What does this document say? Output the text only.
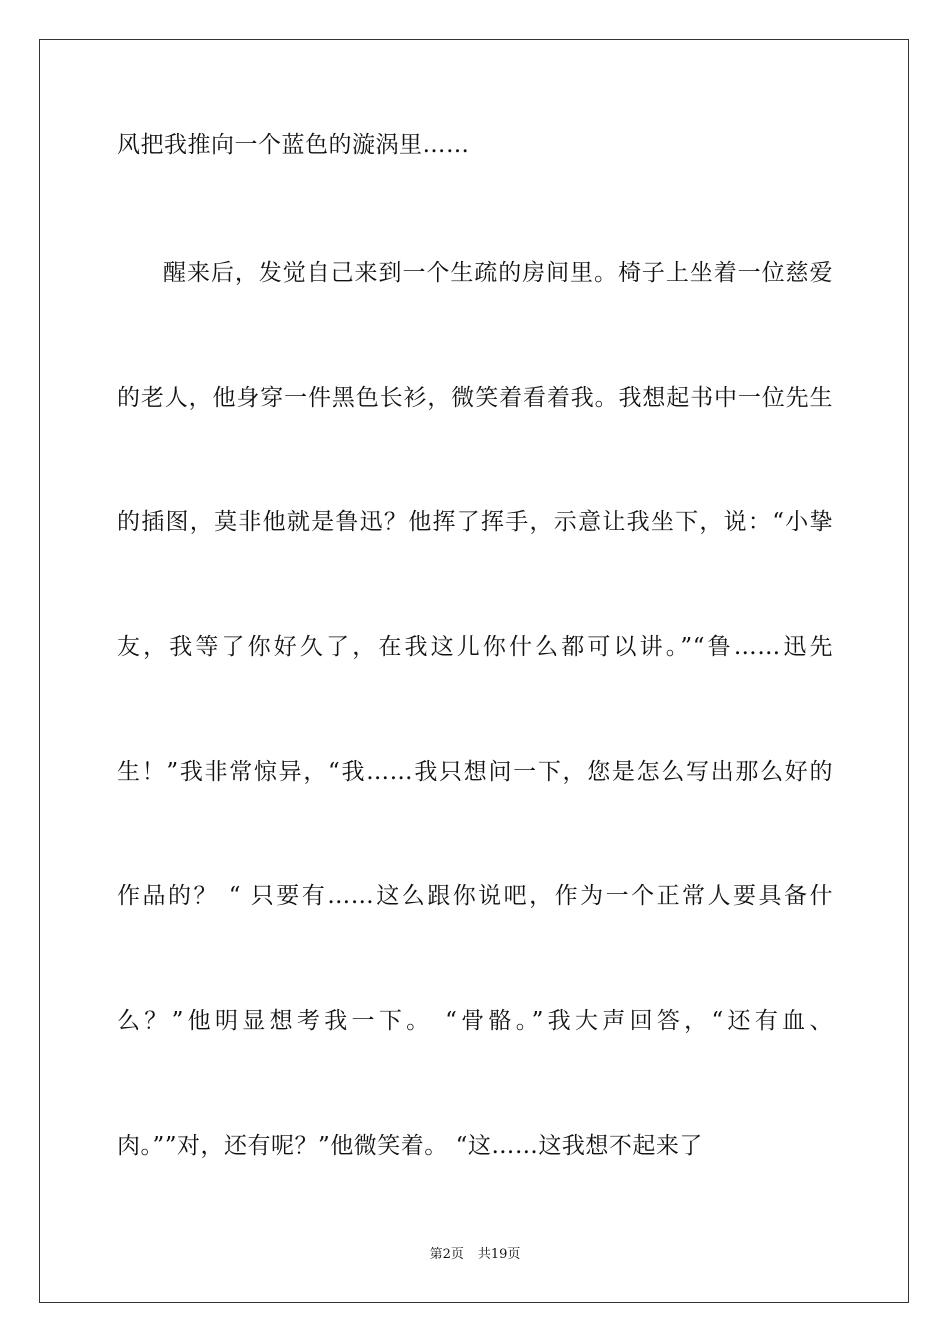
风把我推向一个蓝色的漩涡里……
醒来后，发觉自己来到一个生疏的房间里。椅子上坐着一位慈爱
的老人，他身穿一件黑色长衫，微笑着看着我。我想起书中一位先生
的插图，莫非他就是鲁迅？他挥了挥手，示意让我坐下，说：“小挚
友，我等了你好久了，在我这儿你什么都可以讲。”“鲁……迅先
生！”我非常惊异，“我……我只想问一下，您是怎么写出那么好的
作品的？ “ 只要有……这么跟你说吧，作为一个正常人要具备什
么？”他明显想考我一下。 “骨骼。”我大声回答，“还有血、
肉。””对，还有呢？”他微笑着。 “这……这我想不起来了
第2页 共19页
